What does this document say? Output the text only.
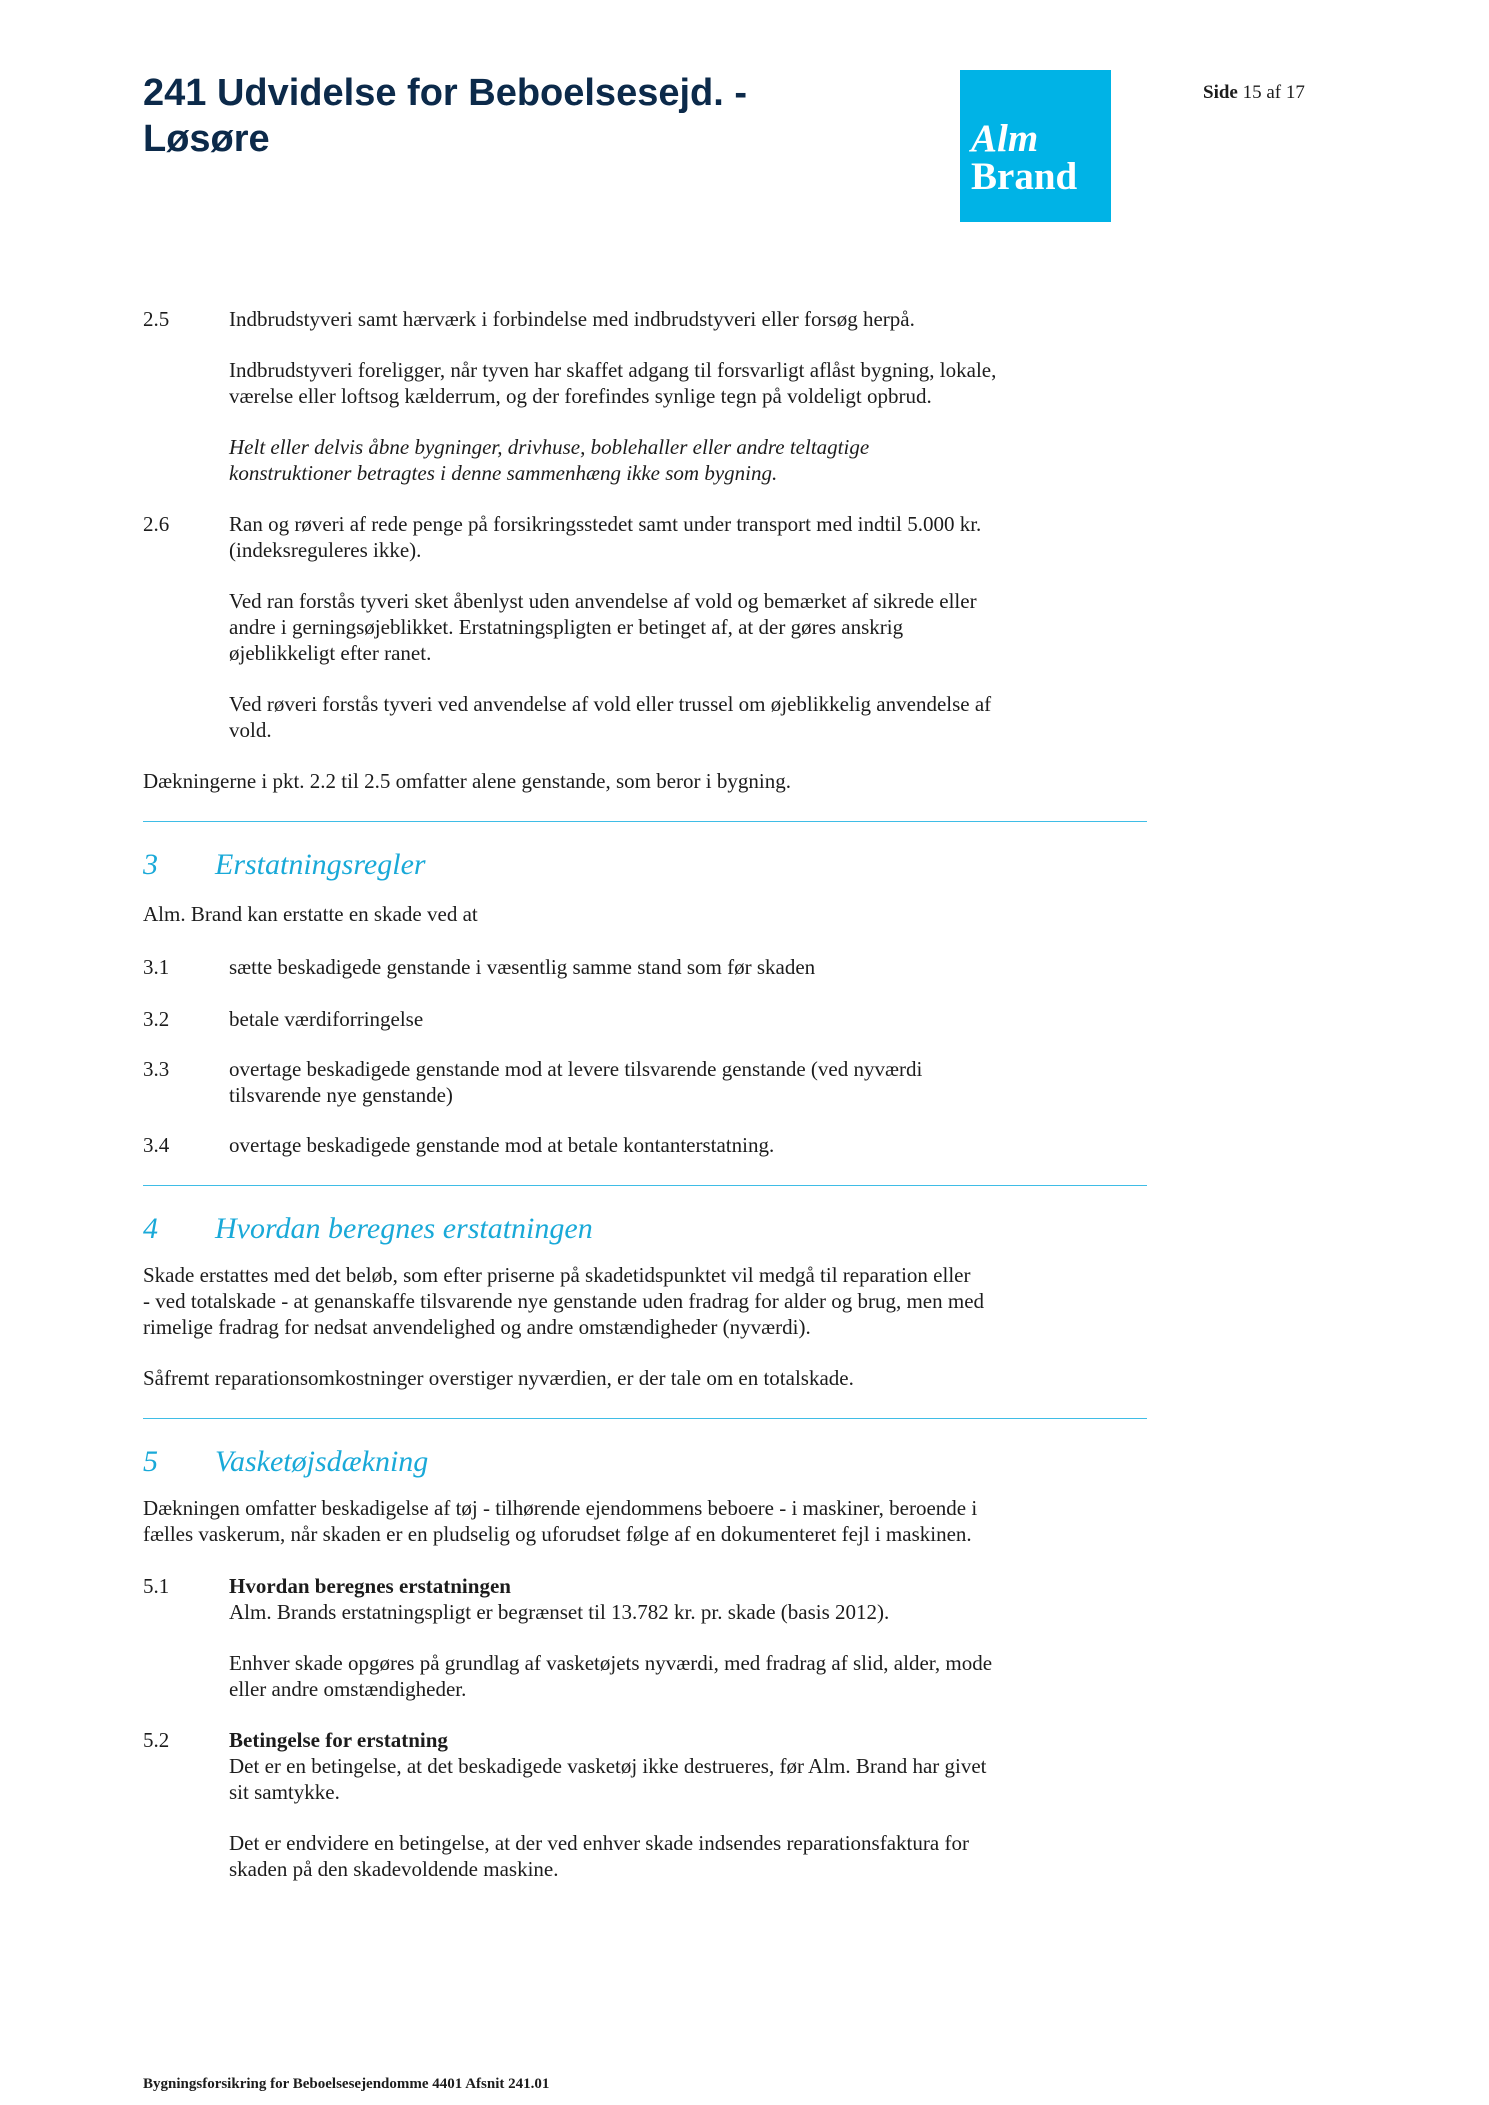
241 Udvidelse for Beboelsesejd. -
Løsøre	Alm
Brand
Side 15 af 17
2.5	Indbrudstyveri samt hærværk i forbindelse med indbrudstyveri eller forsøg herpå.

Indbrudstyveri foreligger, når tyven har skaffet adgang til forsvarligt aflåst bygning, lokale,
værelse eller loftsog kælderrum, og der forefindes synlige tegn på voldeligt opbrud.

Helt eller delvis åbne bygninger, drivhuse, boblehaller eller andre teltagtige
konstruktioner betragtes i denne sammenhæng ikke som bygning.

2.6	Ran og røveri af rede penge på forsikringsstedet samt under transport med indtil 5.000 kr.
(indeksreguleres ikke).

Ved ran forstås tyveri sket åbenlyst uden anvendelse af vold og bemærket af sikrede eller
andre i gerningsøjeblikket. Erstatningspligten er betinget af, at der gøres anskrig
øjeblikkeligt efter ranet.

Ved røveri forstås tyveri ved anvendelse af vold eller trussel om øjeblikkelig anvendelse af
vold.

Dækningerne i pkt. 2.2 til 2.5 omfatter alene genstande, som beror i bygning.

3	Erstatningsregler

Alm. Brand kan erstatte en skade ved at

3.1	sætte beskadigede genstande i væsentlig samme stand som før skaden

3.2	betale værdiforringelse

3.3	overtage beskadigede genstande mod at levere tilsvarende genstande (ved nyværdi
tilsvarende nye genstande)

3.4	overtage beskadigede genstande mod at betale kontanterstatning.

4	Hvordan beregnes erstatningen

Skade erstattes med det beløb, som efter priserne på skadetidspunktet vil medgå til reparation eller
- ved totalskade - at genanskaffe tilsvarende nye genstande uden fradrag for alder og brug, men med
rimelige fradrag for nedsat anvendelighed og andre omstændigheder (nyværdi).

Såfremt reparationsomkostninger overstiger nyværdien, er der tale om en totalskade.

5	Vasketøjsdækning

Dækningen omfatter beskadigelse af tøj - tilhørende ejendommens beboere - i maskiner, beroende i
fælles vaskerum, når skaden er en pludselig og uforudset følge af en dokumenteret fejl i maskinen.

5.1	Hvordan beregnes erstatningen

Alm. Brands erstatningspligt er begrænset til 13.782 kr. pr. skade (basis 2012).

Enhver skade opgøres på grundlag af vasketøjets nyværdi, med fradrag af slid, alder, mode
eller andre omstændigheder.

5.2	Betingelse for erstatning

Det er en betingelse, at det beskadigede vasketøj ikke destrueres, før Alm. Brand har givet
sit samtykke.

Det er endvidere en betingelse, at der ved enhver skade indsendes reparationsfaktura for
skaden på den skadevoldende maskine.

Bygningsforsikring for Beboelsesejendomme 4401 Afsnit 241.01
